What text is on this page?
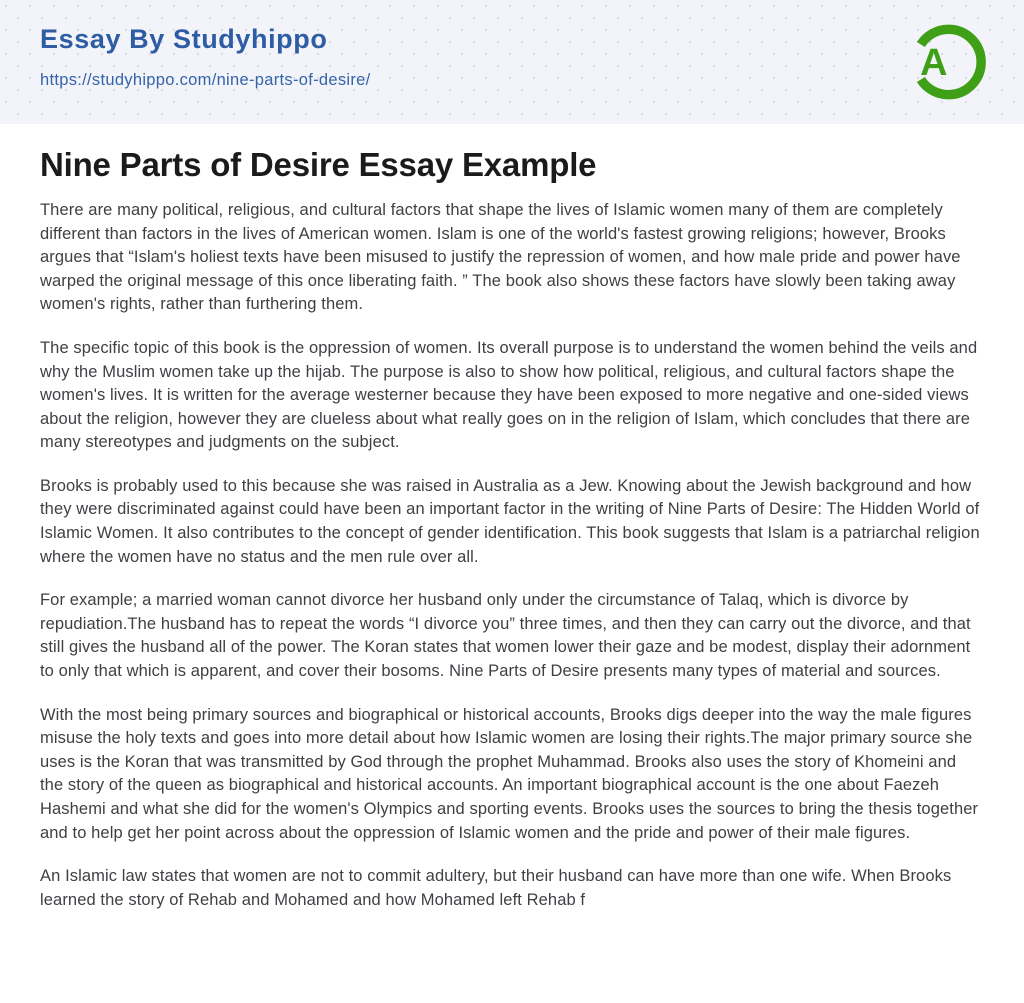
Essay By Studyhippo
https://studyhippo.com/nine-parts-of-desire/	A
Nine Parts of Desire Essay Example

There are many political, religious, and cultural factors that shape the lives of Islamic women many of them are completely different than factors in the lives of American women. Islam is one of the world's fastest growing religions; however, Brooks argues that “Islam's holiest texts have been misused to justify the repression of women, and how male pride and power have warped the original message of this once liberating faith. ” The book also shows these factors have slowly been taking away women's rights, rather than furthering them.

The specific topic of this book is the oppression of women. Its overall purpose is to understand the women behind the veils and why the Muslim women take up the hijab. The purpose is also to show how political, religious, and cultural factors shape the women's lives. It is written for the average westerner because they have been exposed to more negative and one-sided views about the religion, however they are clueless about what really goes on in the religion of Islam, which concludes that there are many stereotypes and judgments on the subject.

Brooks is probably used to this because she was raised in Australia as a Jew. Knowing about the Jewish background and how they were discriminated against could have been an important factor in the writing of Nine Parts of Desire: The Hidden World of Islamic Women. It also contributes to the concept of gender identification. This book suggests that Islam is a patriarchal religion where the women have no status and the men rule over all.

For example; a married woman cannot divorce her husband only under the circumstance of Talaq, which is divorce by repudiation.The husband has to repeat the words “I divorce you” three times, and then they can carry out the divorce, and that still gives the husband all of the power. The Koran states that women lower their gaze and be modest, display their adornment to only that which is apparent, and cover their bosoms. Nine Parts of Desire presents many types of material and sources.

With the most being primary sources and biographical or historical accounts, Brooks digs deeper into the way the male figures misuse the holy texts and goes into more detail about how Islamic women are losing their rights.The major primary source she uses is the Koran that was transmitted by God through the prophet Muhammad. Brooks also uses the story of Khomeini and the story of the queen as biographical and historical accounts. An important biographical account is the one about Faezeh Hashemi and what she did for the women's Olympics and sporting events. Brooks uses the sources to bring the thesis together and to help get her point across about the oppression of Islamic women and the pride and power of their male figures.

An Islamic law states that women are not to commit adultery, but their husband can have more than one wife. When Brooks learned the story of Rehab and Mohamed and how Mohamed left Rehab f
